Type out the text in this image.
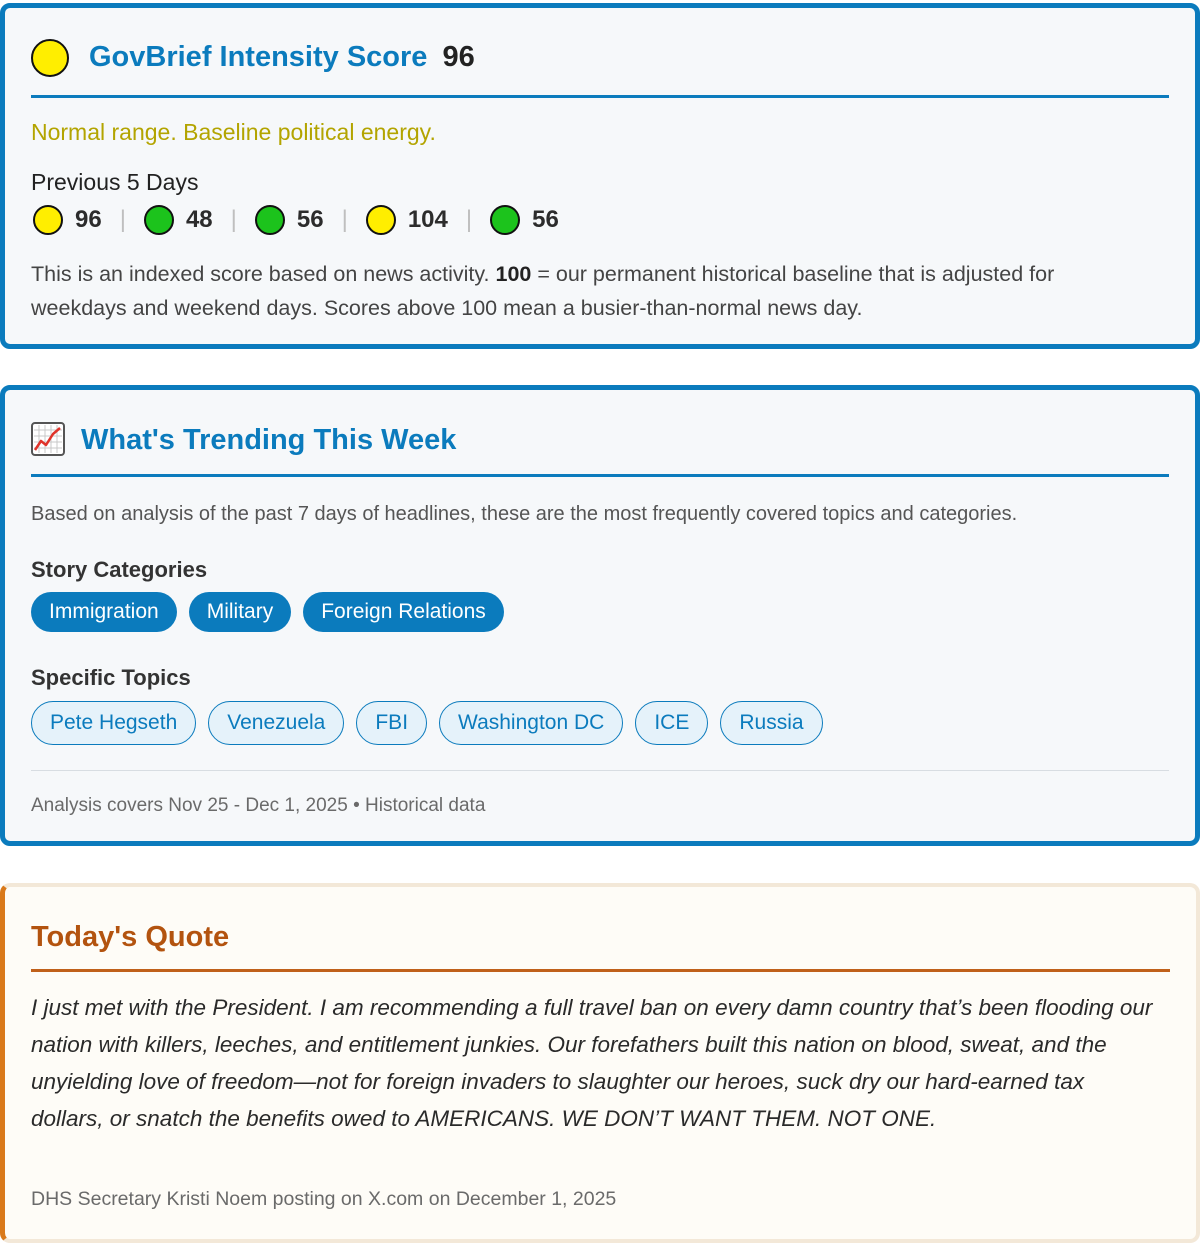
GovBrief Intensity Score 96
Normal range. Baseline political energy.
Previous 5 Days
96 |	48 |	56 |	104 |	56
This is an indexed score based on news activity. 100 = our permanent historical baseline that is adjusted for weekdays and weekend days. Scores above 100 mean a busier-than-normal news day.
What's Trending This Week
Based on analysis of the past 7 days of headlines, these are the most frequently covered topics and categories.
Story Categories
Immigration	Military	Foreign Relations
Specific Topics
Pete Hegseth	Venezuela	FBI	Washington DC	ICE	Russia
Analysis covers Nov 25 - Dec 1, 2025 • Historical data
Today's Quote
I just met with the President. I am recommending a full travel ban on every damn country that’s been flooding our nation with killers, leeches, and entitlement junkies. Our forefathers built this nation on blood, sweat, and the unyielding love of freedom—not for foreign invaders to slaughter our heroes, suck dry our hard-earned tax dollars, or snatch the benefits owed to AMERICANS. WE DON’T WANT THEM. NOT ONE.
DHS Secretary Kristi Noem posting on X.com on December 1, 2025
